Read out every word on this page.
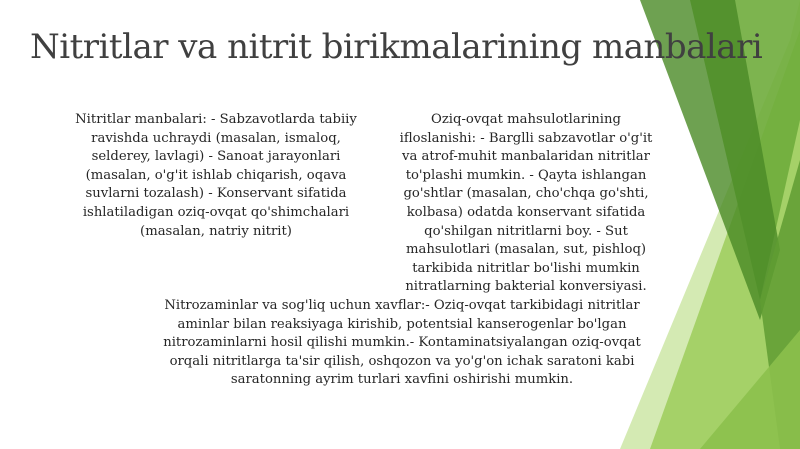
Nitritlar va nitrit birikmalarining manbalari
Nitritlar manbalari: - Sabzavotlarda tabiiy ravishda uchraydi (masalan, ismaloq, selderey, lavlagi) - Sanoat jarayonlari (masalan, o'g'it ishlab chiqarish, oqava suvlarni tozalash) - Konservant sifatida ishlatiladigan oziq-ovqat qo'shimchalari (masalan, natriy nitrit)
Oziq-ovqat mahsulotlarining ifloslanishi: - Barglli sabzavotlar o'g'it va atrof-muhit manbalaridan nitritlar to'plashi mumkin. - Qayta ishlangan go'shtlar (masalan, cho'chqa go'shti, kolbasa) odatda konservant sifatida qo'shilgan nitritlarni boy. - Sut mahsulotlari (masalan, sut, pishloq) tarkibida nitritlar bo'lishi mumkin nitratlarning bakterial konversiyasi.
Nitrozaminlar va sog'liq uchun xavflar:- Oziq-ovqat tarkibidagi nitritlar aminlar bilan reaksiyaga kirishib, potentsial kanserogenlar bo'lgan nitrozaminlarni hosil qilishi mumkin.- Kontaminatsiyalangan oziq-ovqat orqali nitritlarga ta'sir qilish, oshqozon va yo'g'on ichak saratoni kabi saratonning ayrim turlari xavfini oshirishi mumkin.
